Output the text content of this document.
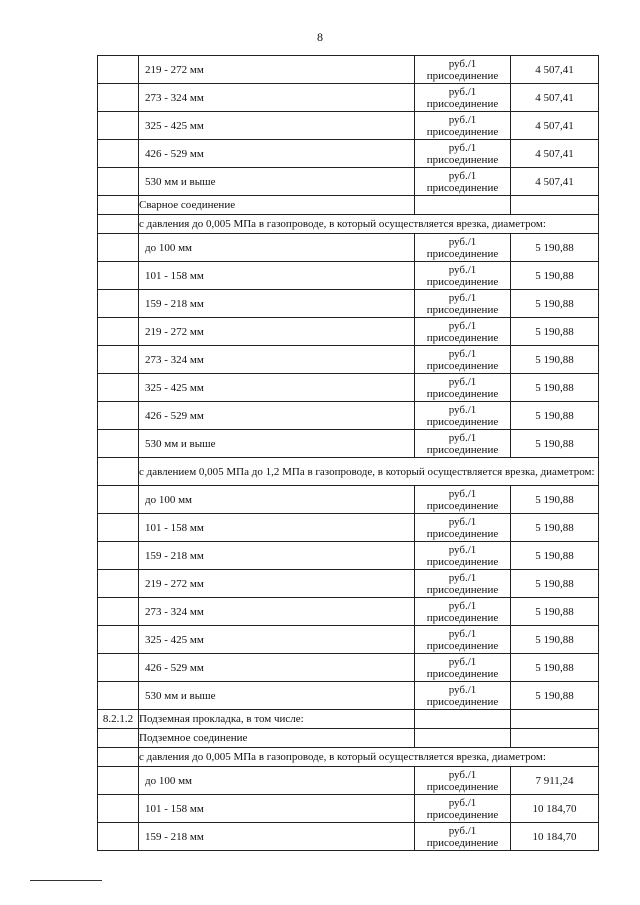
8
	219 - 272 мм	руб./1
присоединение	4 507,41
	273 - 324 мм	руб./1
присоединение	4 507,41
	325 - 425 мм	руб./1
присоединение	4 507,41
	426 - 529 мм	руб./1
присоединение	4 507,41
	530 мм и выше	руб./1
присоединение	4 507,41
	Сварное соединение		
	с давления до 0,005 МПа в газопроводе, в который осуществляется врезка, диаметром:		
	до 100 мм	руб./1
присоединение	5 190,88
	101 - 158 мм	руб./1
присоединение	5 190,88
	159 - 218 мм	руб./1
присоединение	5 190,88
	219 - 272 мм	руб./1
присоединение	5 190,88
	273 - 324 мм	руб./1
присоединение	5 190,88
	325 - 425 мм	руб./1
присоединение	5 190,88
	426 - 529 мм	руб./1
присоединение	5 190,88
	530 мм и выше	руб./1
присоединение	5 190,88
	с давлением 0,005 МПа до 1,2 МПа в газопроводе, в который осуществляется врезка, диаметром:		
	до 100 мм	руб./1
присоединение	5 190,88
	101 - 158 мм	руб./1
присоединение	5 190,88
	159 - 218 мм	руб./1
присоединение	5 190,88
	219 - 272 мм	руб./1
присоединение	5 190,88
	273 - 324 мм	руб./1
присоединение	5 190,88
	325 - 425 мм	руб./1
присоединение	5 190,88
	426 - 529 мм	руб./1
присоединение	5 190,88
	530 мм и выше	руб./1
присоединение	5 190,88
8.2.1.2	Подземная прокладка, в том числе:		
	Подземное соединение		
	с давления до 0,005 МПа в газопроводе, в который осуществляется врезка, диаметром:		
	до 100 мм	руб./1
присоединение	7 911,24
	101 - 158 мм	руб./1
присоединение	10 184,70
	159 - 218 мм	руб./1
присоединение	10 184,70
